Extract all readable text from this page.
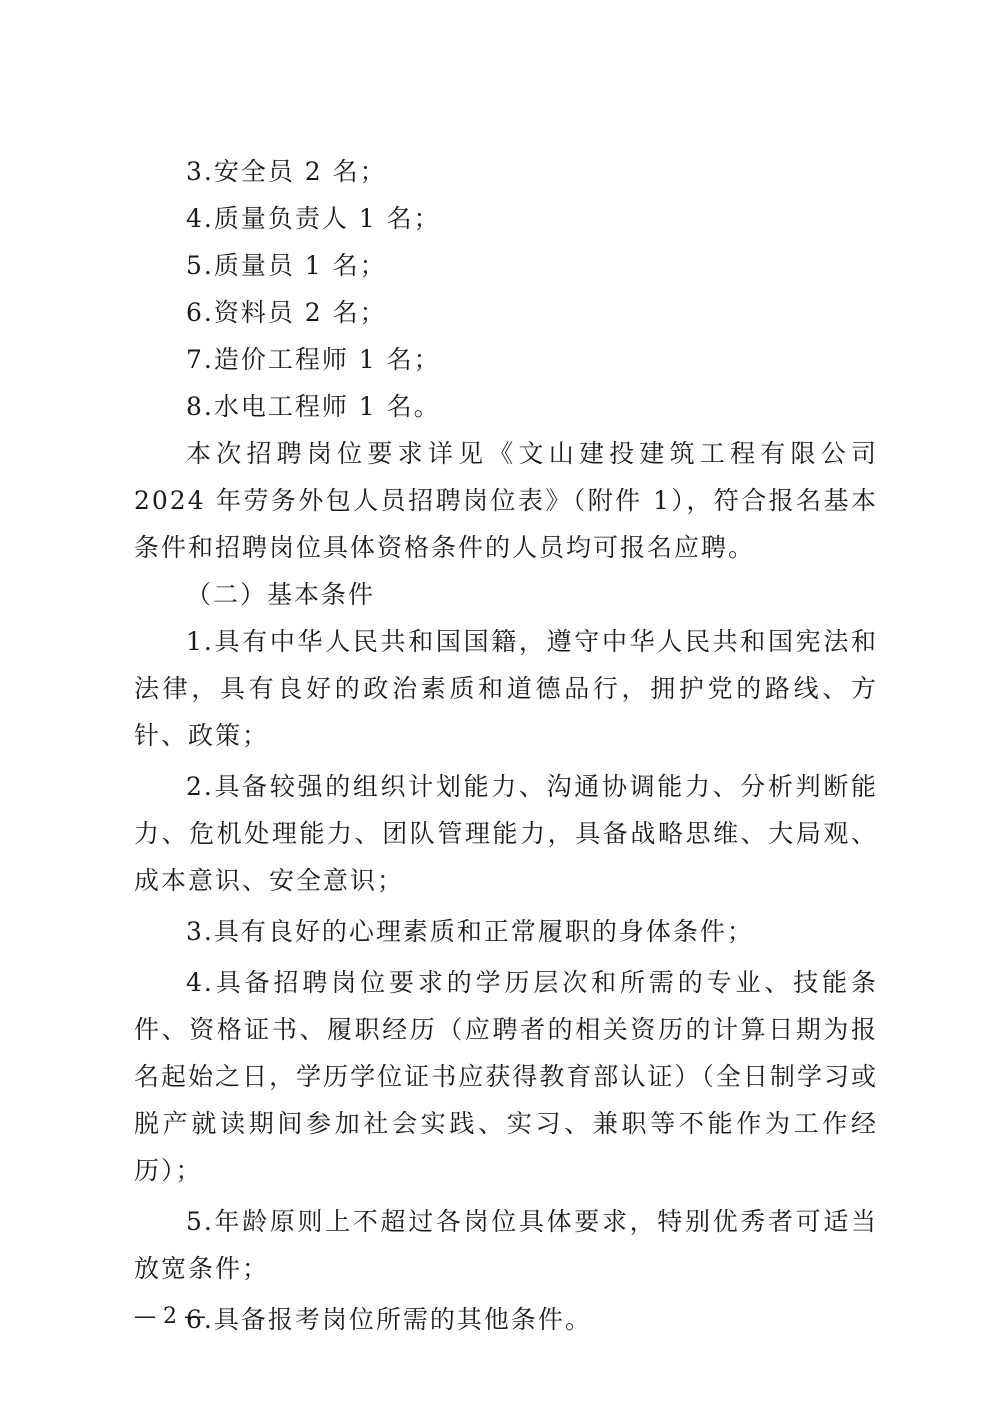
3.安全员 2 名；
4.质量负责人 1 名；
5.质量员 1 名；
6.资料员 2 名；
7.造价工程师 1 名；
8.水电工程师 1 名。

本次招聘岗位要求详见《文山建投建筑工程有限公司 2024 年劳务外包人员招聘岗位表》（附件 1），符合报名基本条件和招聘岗位具体资格条件的人员均可报名应聘。

（二）基本条件

1.具有中华人民共和国国籍，遵守中华人民共和国宪法和法律，具有良好的政治素质和道德品行，拥护党的路线、方针、政策；

2.具备较强的组织计划能力、沟通协调能力、分析判断能力、危机处理能力、团队管理能力，具备战略思维、大局观、成本意识、安全意识；

3.具有良好的心理素质和正常履职的身体条件；

4.具备招聘岗位要求的学历层次和所需的专业、技能条件、资格证书、履职经历（应聘者的相关资历的计算日期为报名起始之日，学历学位证书应获得教育部认证）（全日制学习或脱产就读期间参加社会实践、实习、兼职等不能作为工作经历）；

5.年龄原则上不超过各岗位具体要求，特别优秀者可适当放宽条件；

6.具备报考岗位所需的其他条件。

— 2 —
